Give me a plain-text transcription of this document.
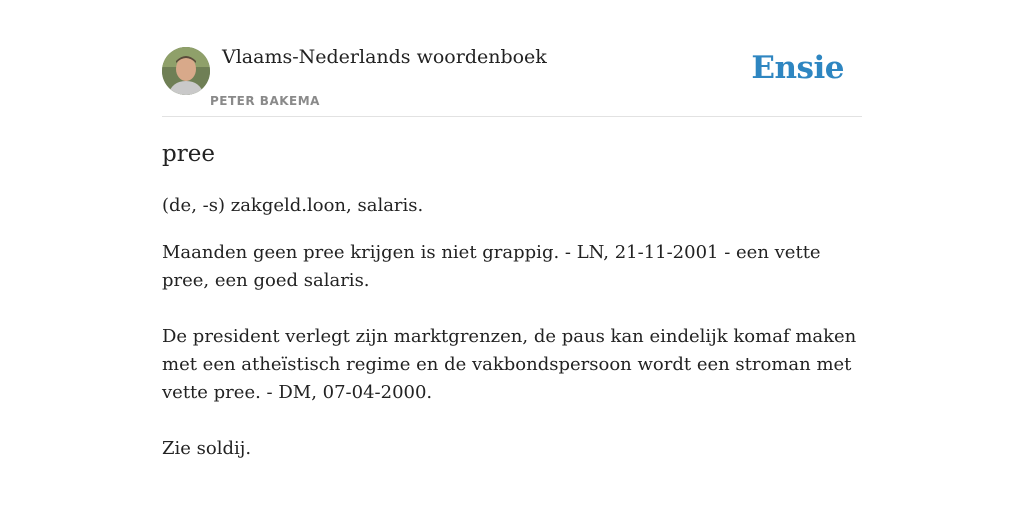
Vlaams-Nederlands woordenboek
PETER BAKEMA
Ensie
pree

(de, -s) zakgeld.loon, salaris.

Maanden geen pree krijgen is niet grappig. - LN, 21-11-2001 - een vette pree, een goed salaris.

De president verlegt zijn marktgrenzen, de paus kan eindelijk komaf maken met een atheïstisch regime en de vakbondspersoon wordt een stroman met vette pree. - DM, 07-04-2000.

Zie soldij.
